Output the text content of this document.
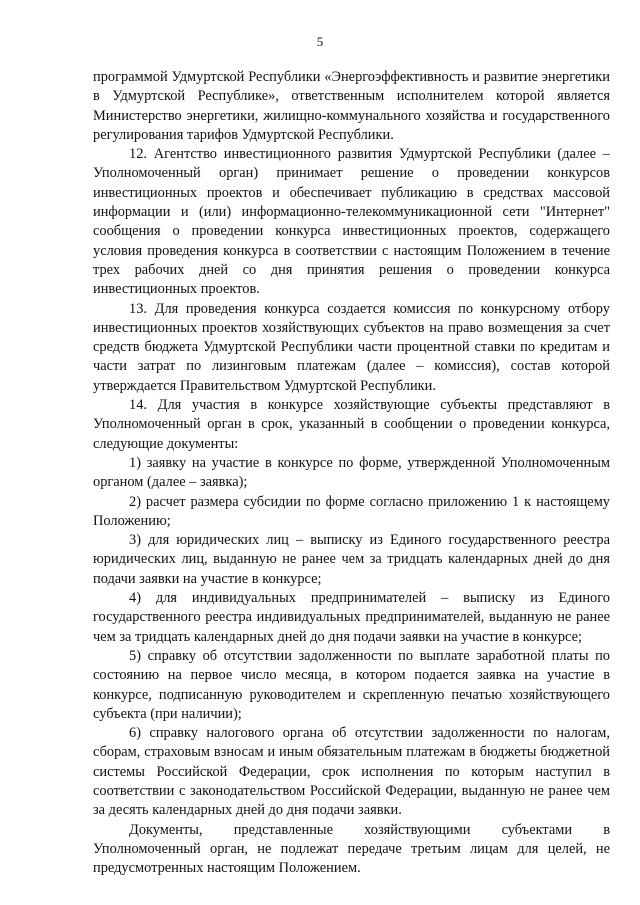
5

программой Удмуртской Республики «Энергоэффективность и развитие энергетики в Удмуртской Республике», ответственным исполнителем которой является Министерство энергетики, жилищно-коммунального хозяйства и государственного регулирования тарифов Удмуртской Республики.

12. Агентство инвестиционного развития Удмуртской Республики (далее – Уполномоченный орган) принимает решение о проведении конкурсов инвестиционных проектов и обеспечивает публикацию в средствах массовой информации и (или) информационно-телекоммуникационной сети "Интернет" сообщения о проведении конкурса инвестиционных проектов, содержащего условия проведения конкурса в соответствии с настоящим Положением в течение трех рабочих дней со дня принятия решения о проведении конкурса инвестиционных проектов.

13. Для проведения конкурса создается комиссия по конкурсному отбору инвестиционных проектов хозяйствующих субъектов на право возмещения за счет средств бюджета Удмуртской Республики части процентной ставки по кредитам и части затрат по лизинговым платежам (далее – комиссия), состав которой утверждается Правительством Удмуртской Республики.

14. Для участия в конкурсе хозяйствующие субъекты представляют в Уполномоченный орган в срок, указанный в сообщении о проведении конкурса, следующие документы:

1) заявку на участие в конкурсе по форме, утвержденной Уполномоченным органом (далее – заявка);

2) расчет размера субсидии по форме согласно приложению 1 к настоящему Положению;

3) для юридических лиц – выписку из Единого государственного реестра юридических лиц, выданную не ранее чем за тридцать календарных дней до дня подачи заявки на участие в конкурсе;

4) для индивидуальных предпринимателей – выписку из Единого государственного реестра индивидуальных предпринимателей, выданную не ранее чем за тридцать календарных дней до дня подачи заявки на участие в конкурсе;

5) справку об отсутствии задолженности по выплате заработной платы по состоянию на первое число месяца, в котором подается заявка на участие в конкурсе, подписанную руководителем и скрепленную печатью хозяйствующего субъекта (при наличии);

6) справку налогового органа об отсутствии задолженности по налогам, сборам, страховым взносам и иным обязательным платежам в бюджеты бюджетной системы Российской Федерации, срок исполнения по которым наступил в соответствии с законодательством Российской Федерации, выданную не ранее чем за десять календарных дней до дня подачи заявки.

Документы, представленные хозяйствующими субъектами в Уполномоченный орган, не подлежат передаче третьим лицам для целей, не предусмотренных настоящим Положением.
